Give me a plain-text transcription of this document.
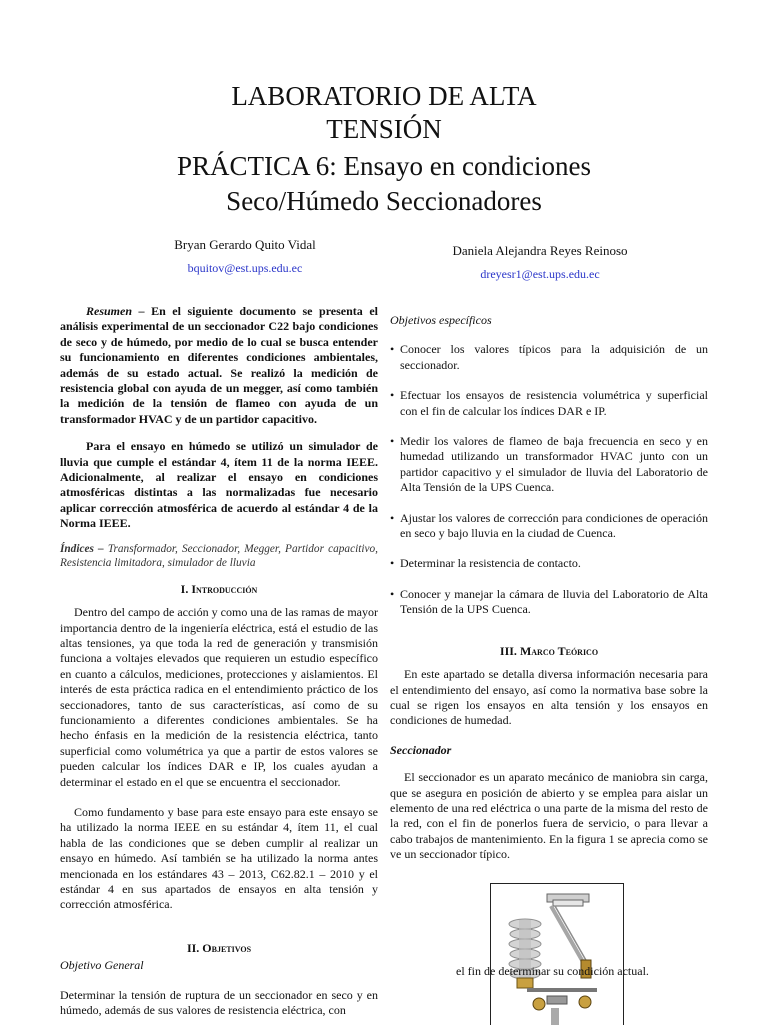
LABORATORIO DE ALTA
TENSIÓN
PRÁCTICA 6: Ensayo en condiciones
Seco/Húmedo Seccionadores
Bryan Gerardo Quito Vidal
bquitov@est.ups.edu.ec
Daniela Alejandra Reyes Reinoso
dreyesr1@est.ups.edu.ec

Resumen – En el siguiente documento se presenta el análisis experimental de un seccionador C22 bajo condiciones de seco y de húmedo, por medio de lo cual se busca entender su funcionamiento en diferentes condiciones ambientales, además de su estado actual. Se realizó la medición de resistencia global con ayuda de un megger, así como también la medición de la tensión de flameo con ayuda de un transformador HVAC y de un partidor capacitivo.

Para el ensayo en húmedo se utilizó un simulador de lluvia que cumple el estándar 4, ítem 11 de la norma IEEE. Adicionalmente, al realizar el ensayo en condiciones atmosféricas distintas a las normalizadas fue necesario aplicar corrección atmosférica de acuerdo al estándar 4 de la Norma IEEE.

Índices – Transformador, Seccionador, Megger, Partidor capacitivo, Resistencia limitadora, simulador de lluvia

I. Introducción

Dentro del campo de acción y como una de las ramas de mayor importancia dentro de la ingeniería eléctrica, está el estudio de las altas tensiones, ya que toda la red de generación y transmisión funciona a voltajes elevados que requieren un estudio específico en cuanto a cálculos, mediciones, protecciones y aislamientos. El interés de esta práctica radica en el entendimiento práctico de los seccionadores, tanto de sus características, así como de su funcionamiento a diferentes condiciones ambientales. Se ha hecho énfasis en la medición de la resistencia eléctrica, tanto superficial como volumétrica ya que a partir de estos valores se pueden calcular los índices DAR e IP, los cuales ayudan a determinar el estado en el que se encuentra el seccionador.

Como fundamento y base para este ensayo para este ensayo se ha utilizado la norma IEEE en su estándar 4, ítem 11, el cual habla de las condiciones que se deben cumplir al realizar un ensayo en húmedo. Así también se ha utilizado la norma antes mencionada en los estándares 43 – 2013, C62.82.1 – 2010 y el estándar 4 en sus apartados de ensayos en alta tensión y corrección atmosférica.

II. Objetivos

Objetivo General

Determinar la tensión de ruptura de un seccionador en seco y en húmedo, además de sus valores de resistencia eléctrica, con

Objetivos específicos

• Conocer los valores típicos para la adquisición de un seccionador.
• Efectuar los ensayos de resistencia volumétrica y superficial con el fin de calcular los índices DAR e IP.
• Medir los valores de flameo de baja frecuencia en seco y en humedad utilizando un transformador HVAC junto con un partidor capacitivo y el simulador de lluvia del Laboratorio de Alta Tensión de la UPS Cuenca.
• Ajustar los valores de corrección para condiciones de operación en seco y bajo lluvia en la ciudad de Cuenca.
• Determinar la resistencia de contacto.
• Conocer y manejar la cámara de lluvia del Laboratorio de Alta Tensión de la UPS Cuenca.

III. Marco Teórico

En este apartado se detalla diversa información necesaria para el entendimiento del ensayo, así como la normativa base sobre la cual se rigen los ensayos en alta tensión y los ensayos en condiciones de humedad.

Seccionador

El seccionador es un aparato mecánico de maniobra sin carga, que se asegura en posición de abierto y se emplea para aislar un elemento de una red eléctrica o una parte de la misma del resto de la red, con el fin de ponerlos fuera de servicio, o para llevar a cabo trabajos de mantenimiento. En la figura 1 se aprecia como se ve un seccionador típico.

el fin de determinar su condición actual.
